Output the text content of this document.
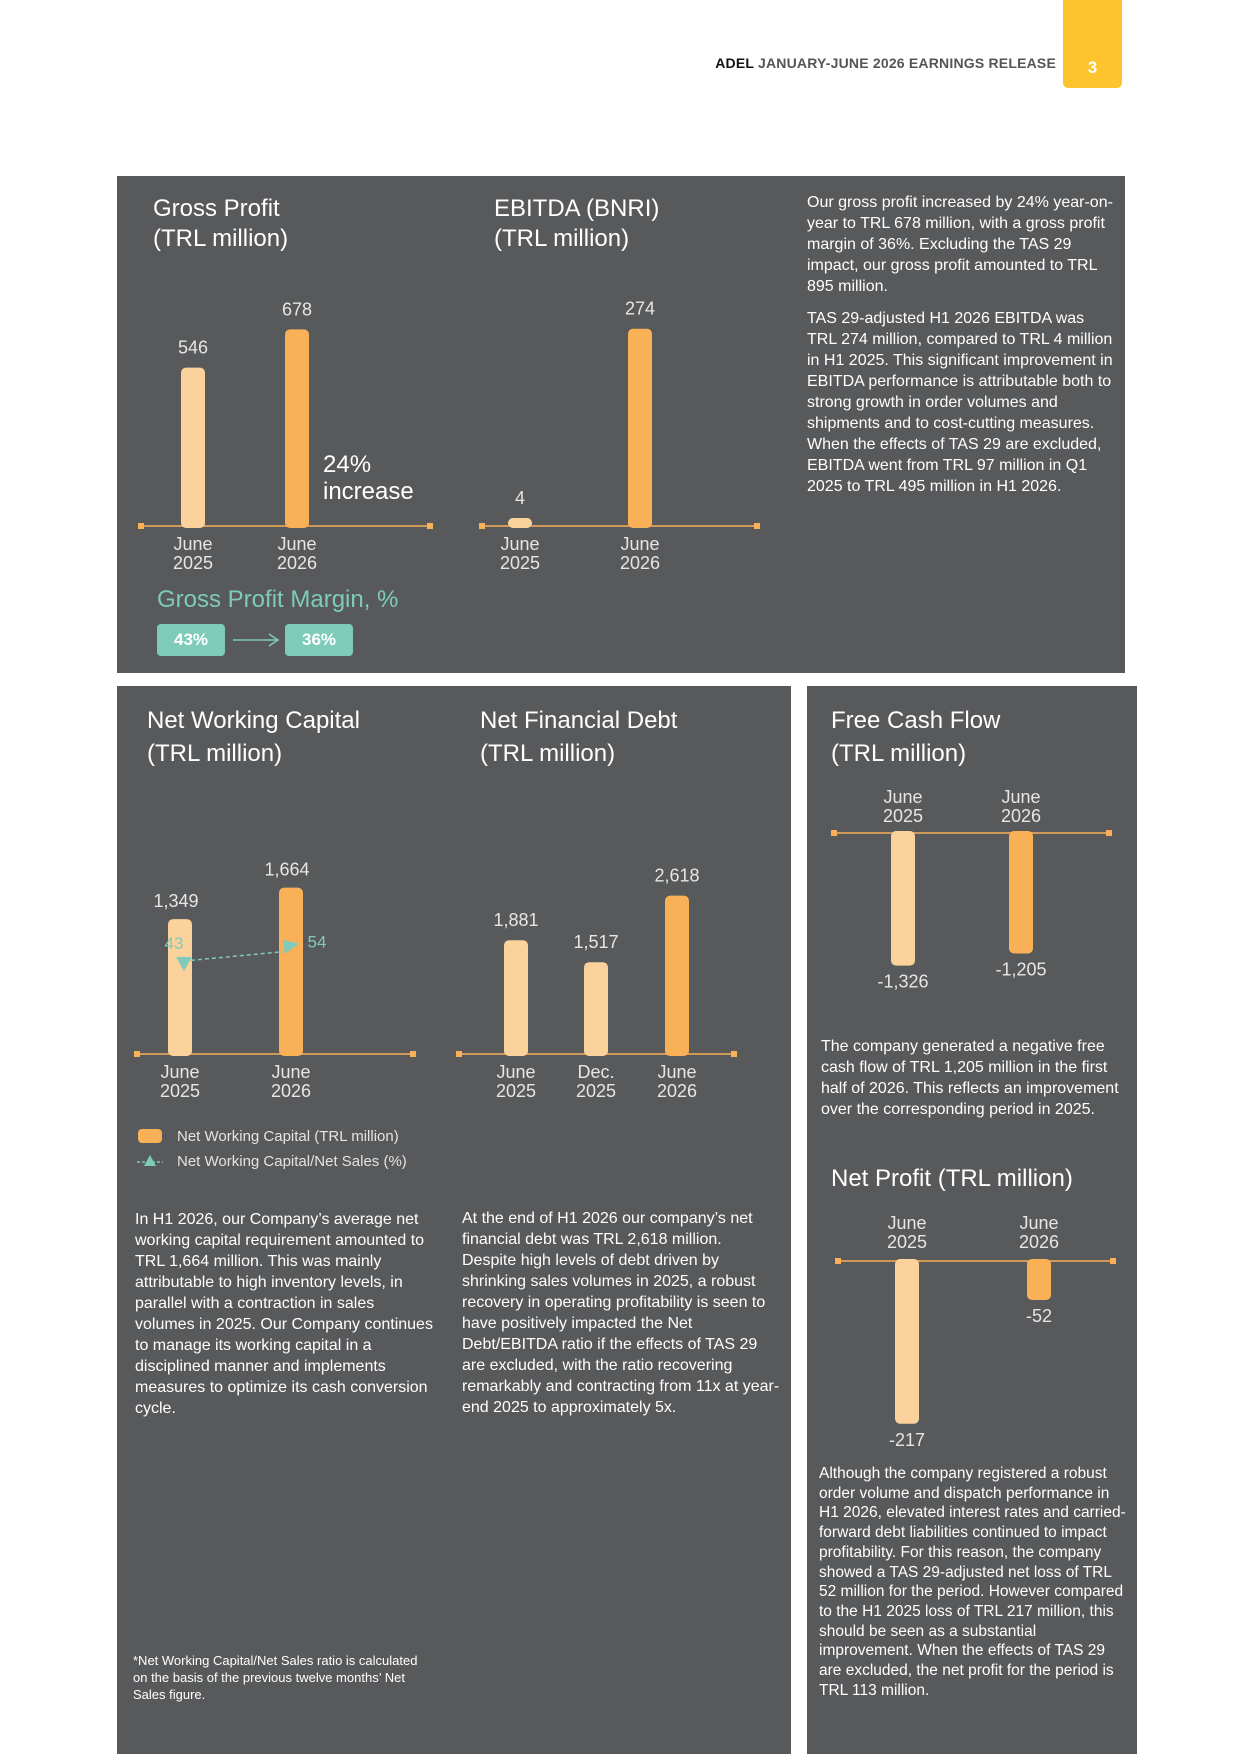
ADEL JANUARY-JUNE 2026 EARNINGS RELEASE	3
Gross Profit
(TRL million)
EBITDA (BNRI)
(TRL million)
546
678
June 2025
June 2026
4
274
June 2025
June 2026
24%
increase
Gross Profit Margin, %
43%	36%

Our gross profit increased by 24% year-on-year to TRL 678 million, with a gross profit margin of 36%. Excluding the TAS 29 impact, our gross profit amounted to TRL 895 million.

TAS 29-adjusted H1 2026 EBITDA was TRL 274 million, compared to TRL 4 million in H1 2025. This significant improvement in EBITDA performance is attributable both to strong growth in order volumes and shipments and to cost-cutting measures. When the effects of TAS 29 are excluded, EBITDA went from TRL 97 million in Q1 2025 to TRL 495 million in H1 2026.

Net Working Capital
(TRL million)
Net Financial Debt
(TRL million)
1,349
1,664
43	54
June 2025
June 2026
1,881
1,517
2,618
June 2025
Dec. 2025
June 2026
Net Working Capital (TRL million)
Net Working Capital/Net Sales (%)
In H1 2026, our Company’s average net working capital requirement amounted to TRL 1,664 million. This was mainly attributable to high inventory levels, in parallel with a contraction in sales volumes in 2025. Our Company continues to manage its working capital in a disciplined manner and implements measures to optimize its cash conversion cycle.
At the end of H1 2026 our company’s net financial debt was TRL 2,618 million. Despite high levels of debt driven by shrinking sales volumes in 2025, a robust recovery in operating profitability is seen to have positively impacted the Net Debt/EBITDA ratio if the effects of TAS 29 are excluded, with the ratio recovering remarkably and contracting from 11x at year-end 2025 to approximately 5x.
*Net Working Capital/Net Sales ratio is calculated on the basis of the previous twelve months’ Net Sales figure.
Free Cash Flow
(TRL million)
-1,326
-1,205
June 2025
June 2026
The company generated a negative free cash flow of TRL 1,205 million in the first half of 2026. This reflects an improvement over the corresponding period in 2025.
Net Profit (TRL million)
-217
-52
June 2025
June 2026
Although the company registered a robust order volume and dispatch performance in H1 2026, elevated interest rates and carried-forward debt liabilities continued to impact profitability. For this reason, the company showed a TAS 29-adjusted net loss of TRL 52 million for the period. However compared to the H1 2025 loss of TRL 217 million, this should be seen as a substantial improvement. When the effects of TAS 29 are excluded, the net profit for the period is TRL 113 million.
